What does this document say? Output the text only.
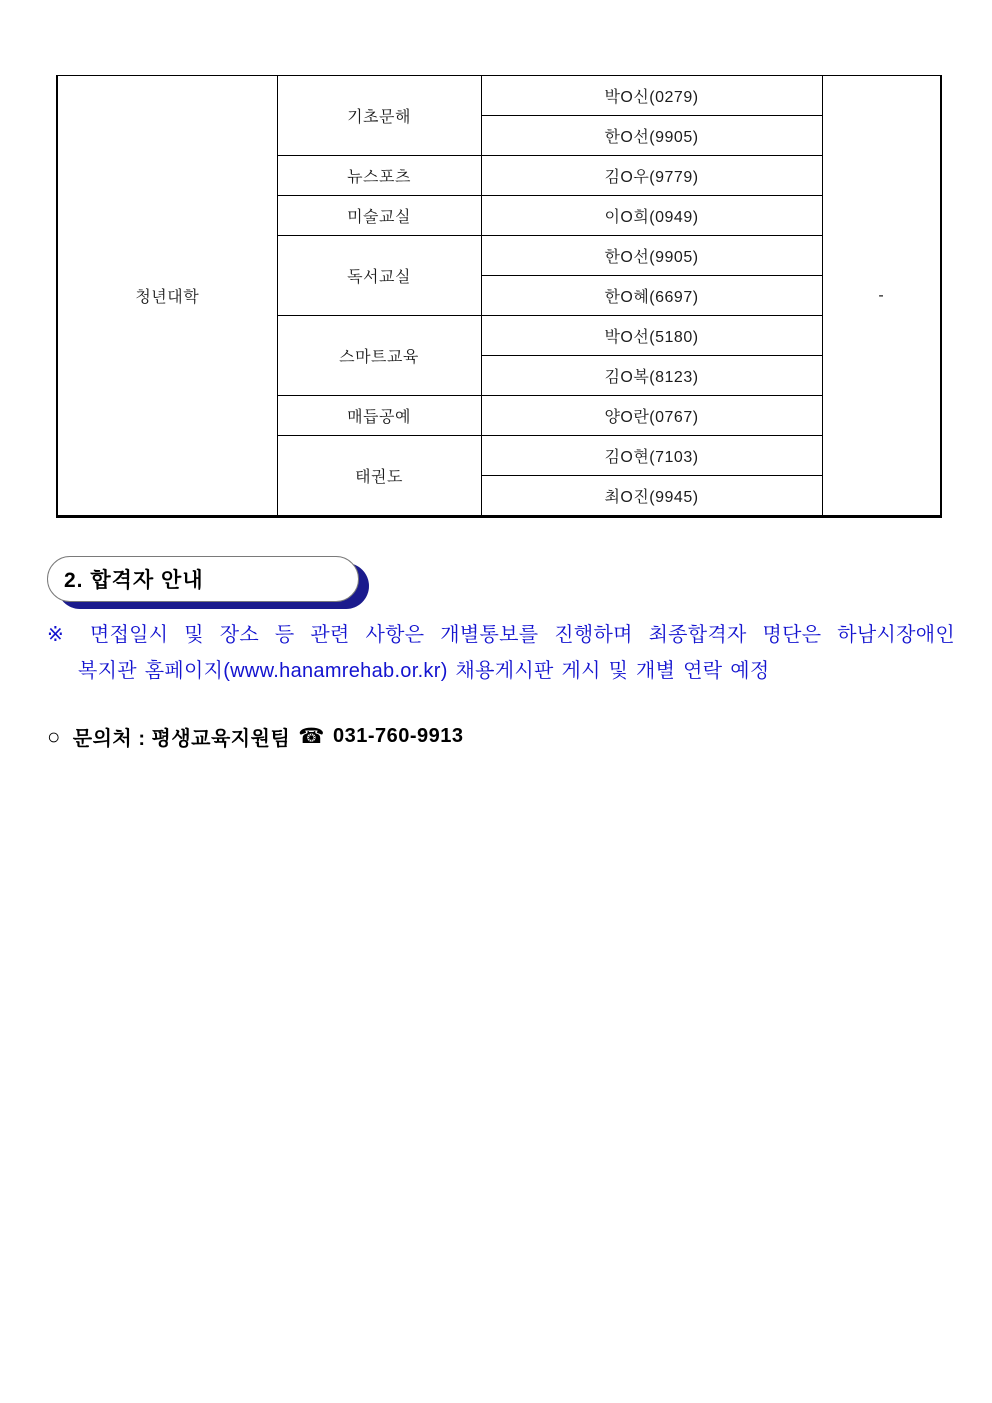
청년대학	기초문해	박O신(0279)	-
		한O선(9905)	
	뉴스포츠	김O우(9779)	
	미술교실	이O희(0949)	
	독서교실	한O선(9905)	
		한O혜(6697)	
	스마트교육	박O선(5180)	
		김O복(8123)	
	매듭공예	양O란(0767)	
	태권도	김O현(7103)	
		최O진(9945)	
2. 합격자 안내
※ 면접일시 및 장소 등 관련 사항은 개별통보를 진행하며 최종합격자 명단은 하남시장애인
복지관 홈페이지(www.hanamrehab.or.kr) 채용게시판 게시 및 개별 연락 예정
○ 문의처 : 평생교육지원팀 ☎ 031-760-9913
